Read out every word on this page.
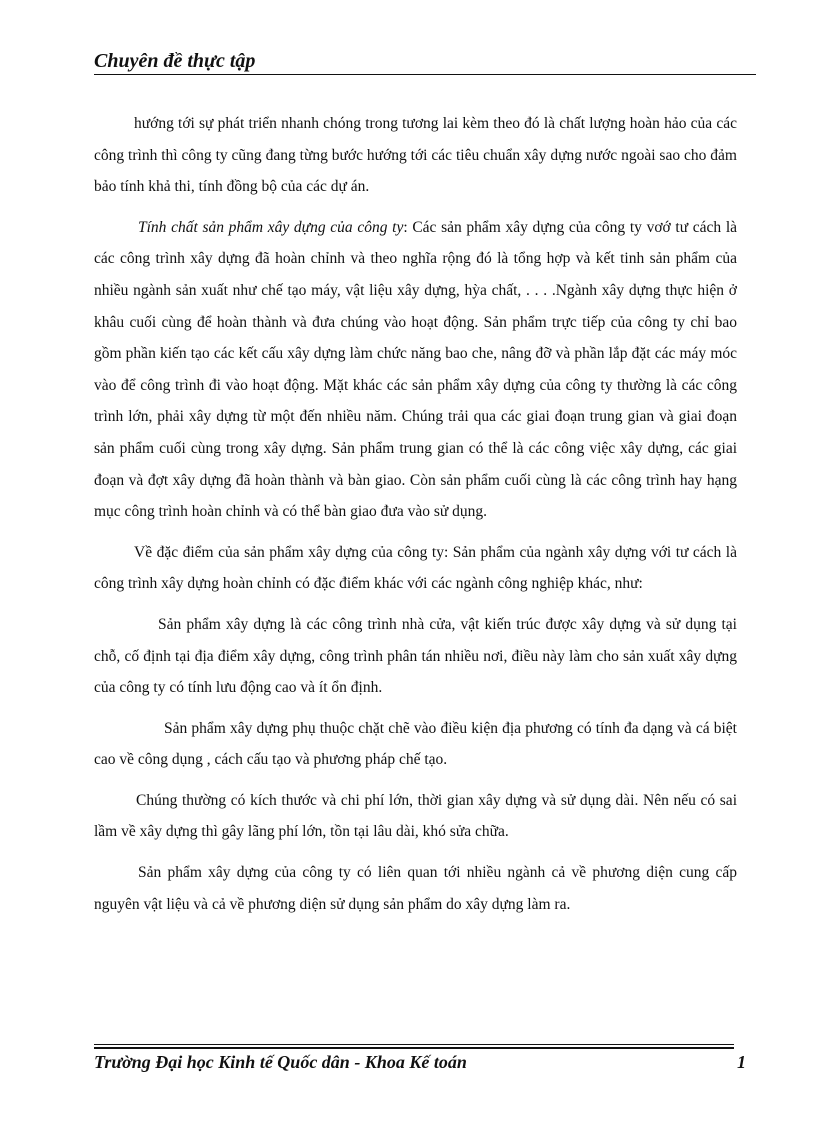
Chuyên đề thực tập

hướng tới sự phát triển nhanh chóng trong tương lai kèm theo đó là chất lượng hoàn hảo của các công trình thì công ty cũng đang từng bước hướng tới các tiêu chuẩn xây dựng nước ngoài sao cho đảm bảo tính khả thi, tính đồng bộ của các dự án.

Tính chất sản phẩm xây dựng của công ty: Các sản phẩm xây dựng của công ty vơớ tư cách là các công trình xây dựng đã hoàn chỉnh và theo nghĩa rộng đó là tổng hợp và kết tinh sản phẩm của nhiều ngành sản xuất như chế tạo máy, vật liệu xây dựng, hỳa chất, . . . .Ngành xây dựng thực hiện ở khâu cuối cùng để hoàn thành và đưa chúng vào hoạt động. Sản phẩm trực tiếp của công ty chỉ bao gồm phần kiến tạo các kết cấu xây dựng làm chức năng bao che, nâng đỡ và phần lắp đặt các máy móc vào để công trình đi vào hoạt động. Mặt khác các sản phẩm xây dựng của công ty thường là các công trình lớn, phải xây dựng từ một đến nhiều năm. Chúng trải qua các giai đoạn trung gian và giai đoạn sản phẩm cuối cùng trong xây dựng. Sản phẩm trung gian có thể là các công việc xây dựng, các giai đoạn và đợt xây dựng đã hoàn thành và bàn giao. Còn sản phẩm cuối cùng là các công trình hay hạng mục công trình hoàn chỉnh và có thể bàn giao đưa vào sử dụng.

Về đặc điểm của sản phẩm xây dựng của công ty: Sản phẩm của ngành xây dựng với tư cách là công trình xây dựng hoàn chỉnh có đặc điểm khác với các ngành công nghiệp khác, như:

Sản phẩm xây dựng là các công trình nhà cửa, vật kiến trúc được xây dựng và sử dụng tại chỗ, cố định tại địa điểm xây dựng, công trình phân tán nhiều nơi, điều này làm cho sản xuất xây dựng của công ty có tính lưu động cao và ít ổn định.

Sản phẩm xây dựng phụ thuộc chặt chẽ vào điều kiện địa phương có tính đa dạng và cá biệt cao về công dụng , cách cấu tạo và phương pháp chế tạo.

Chúng thường có kích thước và chi phí lớn, thời gian xây dựng và sử dụng dài. Nên nếu có sai lầm về xây dựng thì gây lãng phí lớn, tồn tại lâu dài, khó sửa chữa.

Sản phẩm xây dựng của công ty có liên quan tới nhiều ngành cả về phương diện cung cấp nguyên vật liệu và cả về phương diện sử dụng sản phẩm do xây dựng làm ra.

Trường Đại học Kinh tế Quốc dân - Khoa Kế toán	1
